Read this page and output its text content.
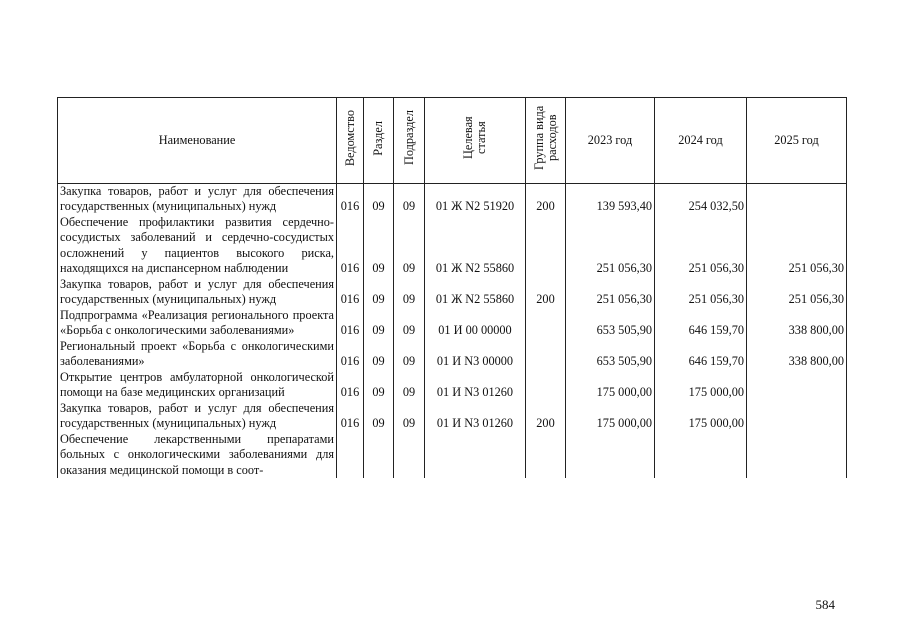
Наименование	Ведомство	Раздел	Подраздел	Целевая статья	Группа вида расходов	2023 год	2024 год	2025 год
Закупка товаров, работ и услуг для обеспечения государственных (муниципальных) нужд	016	09	09	01 Ж N2 51920	200	139 593,40	254 032,50	
Обеспечение профилактики развития сердечно-сосудистых заболеваний и сердечно-сосудистых осложнений у пациентов высокого риска, находящихся на диспансерном наблюдении	016	09	09	01 Ж N2 55860		251 056,30	251 056,30	251 056,30
Закупка товаров, работ и услуг для обеспечения государственных (муниципальных) нужд	016	09	09	01 Ж N2 55860	200	251 056,30	251 056,30	251 056,30
Подпрограмма «Реализация регионального проекта «Борьба с онкологическими заболеваниями»	016	09	09	01 И 00 00000		653 505,90	646 159,70	338 800,00
Региональный проект «Борьба с онкологическими заболеваниями»	016	09	09	01 И N3 00000		653 505,90	646 159,70	338 800,00
Открытие центров амбулаторной онкологической помощи на базе медицинских организаций	016	09	09	01 И N3 01260		175 000,00	175 000,00	
Закупка товаров, работ и услуг для обеспечения государственных (муниципальных) нужд	016	09	09	01 И N3 01260	200	175 000,00	175 000,00	
Обеспечение лекарственными препаратами больных с онкологическими заболеваниями для оказания медицинской помощи в соот-								
584
